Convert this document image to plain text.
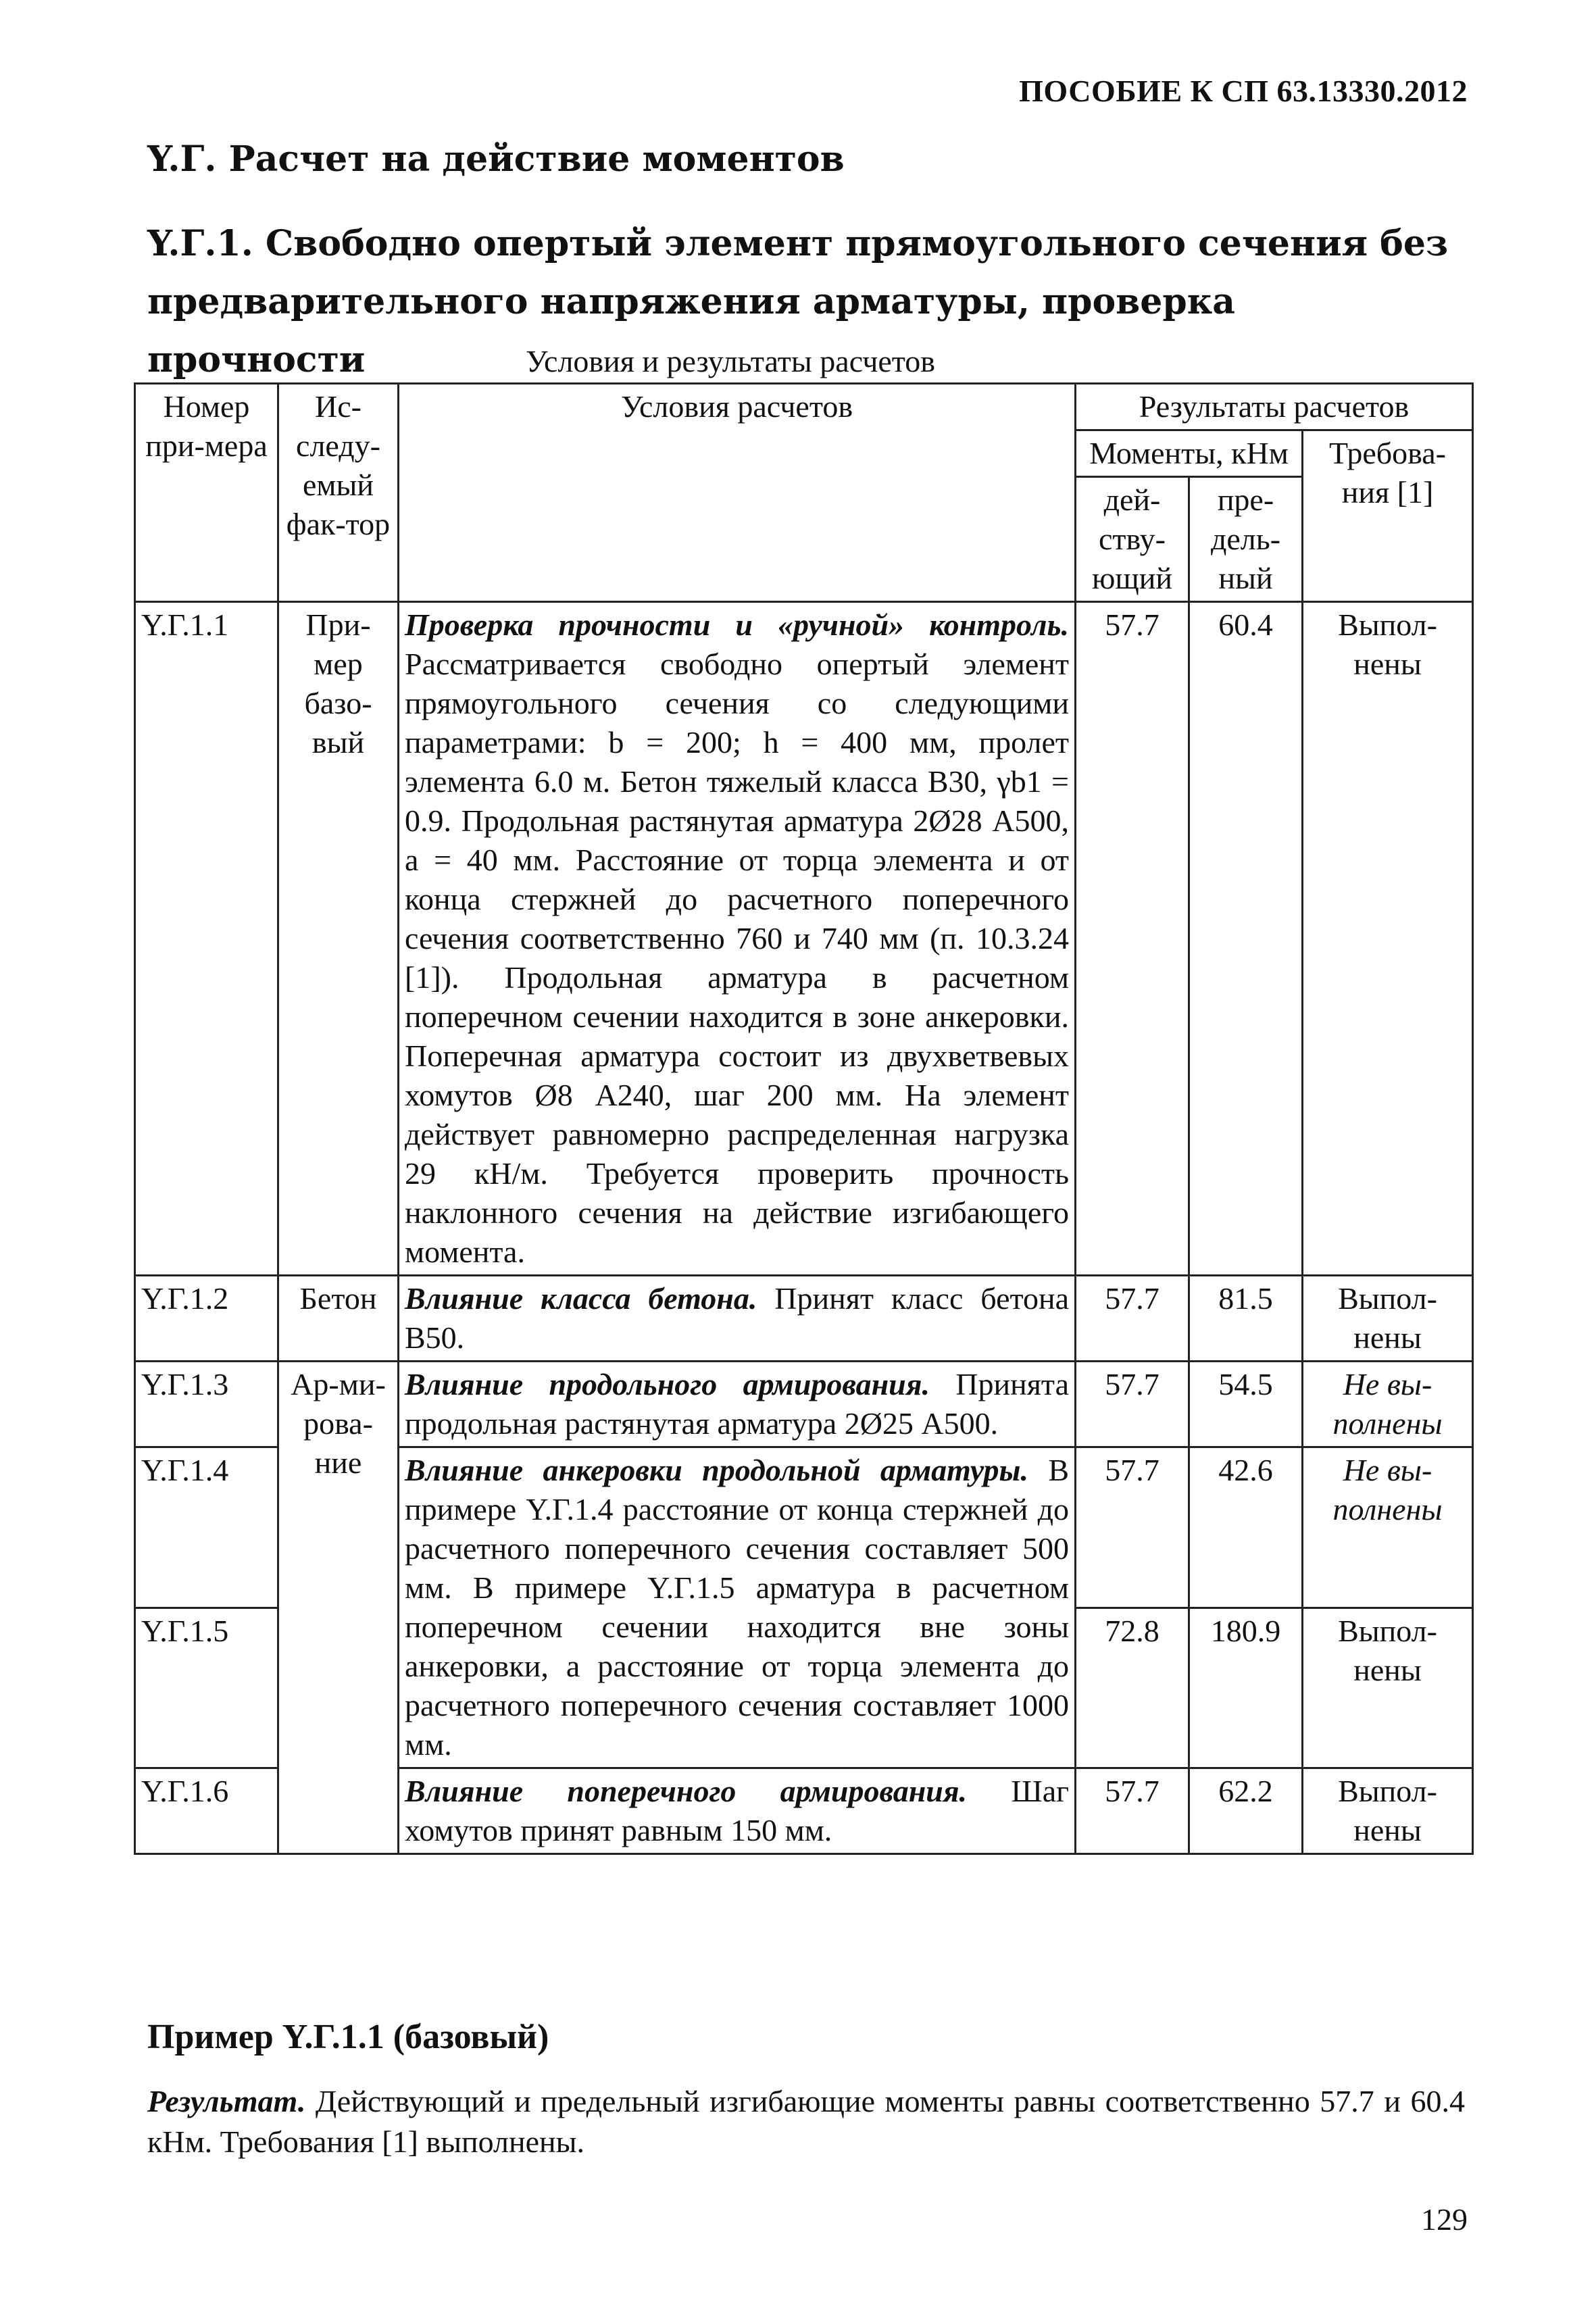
ПОСОБИЕ К СП 63.13330.2012
Y.Г. Расчет на действие моментов
Y.Г.1. Свободно опертый элемент прямоугольного сечения без предварительного напряжения арматуры, проверка прочности	Условия и результаты расчетов
Номер при-мера	Ис-следу-емый фак-тор	Условия расчетов	Результаты расчетов		
			Моменты, кНм		Требова-ния [1]
			дей-ству-ющий	пре-дель-ный	
Y.Г.1.1	При-мер базо-вый	Проверка прочности и «ручной» контроль. Рассматривается свободно опертый элемент прямоугольного сечения со следующими параметрами: b = 200; h = 400 мм, пролет элемента 6.0 м. Бетон тяжелый класса B30, γb1 = 0.9. Продольная растянутая арматура 2Ø28 А500, a = 40 мм. Расстояние от торца элемента и от конца стержней до расчетного поперечного сечения соответственно 760 и 740 мм (п. 10.3.24 [1]). Продольная арматура в расчетном поперечном сечении находится в зоне анкеровки. Поперечная арматура состоит из двухветвевых хомутов Ø8 А240, шаг 200 мм. На элемент действует равномерно распределенная нагрузка 29 кН/м. Требуется проверить прочность наклонного сечения на действие изгибающего момента.	57.7	60.4	Выпол-нены
Y.Г.1.2	Бетон	Влияние класса бетона. Принят класс бетона B50.	57.7	81.5	Выпол-нены
Y.Г.1.3	Ар-ми-рова-ние	Влияние продольного армирования. Принята продольная растянутая арматура 2Ø25 А500.	57.7	54.5	Не вы-полнены
Y.Г.1.4		Влияние анкеровки продольной арматуры. В примере Y.Г.1.4 расстояние от конца стержней до расчетного поперечного сечения составляет 500 мм. В примере Y.Г.1.5 арматура в расчетном поперечном сечении находится вне зоны анкеровки, а расстояние от торца элемента до расчетного поперечного сечения составляет 1000 мм.	57.7	42.6	Не вы-полнены
Y.Г.1.5			72.8	180.9	Выпол-нены
Y.Г.1.6		Влияние поперечного армирования. Шаг хомутов принят равным 150 мм.	57.7	62.2	Выпол-нены
Пример Y.Г.1.1 (базовый)
Результат. Действующий и предельный изгибающие моменты равны соответственно 57.7 и 60.4 кНм. Требования [1] выполнены.
129
